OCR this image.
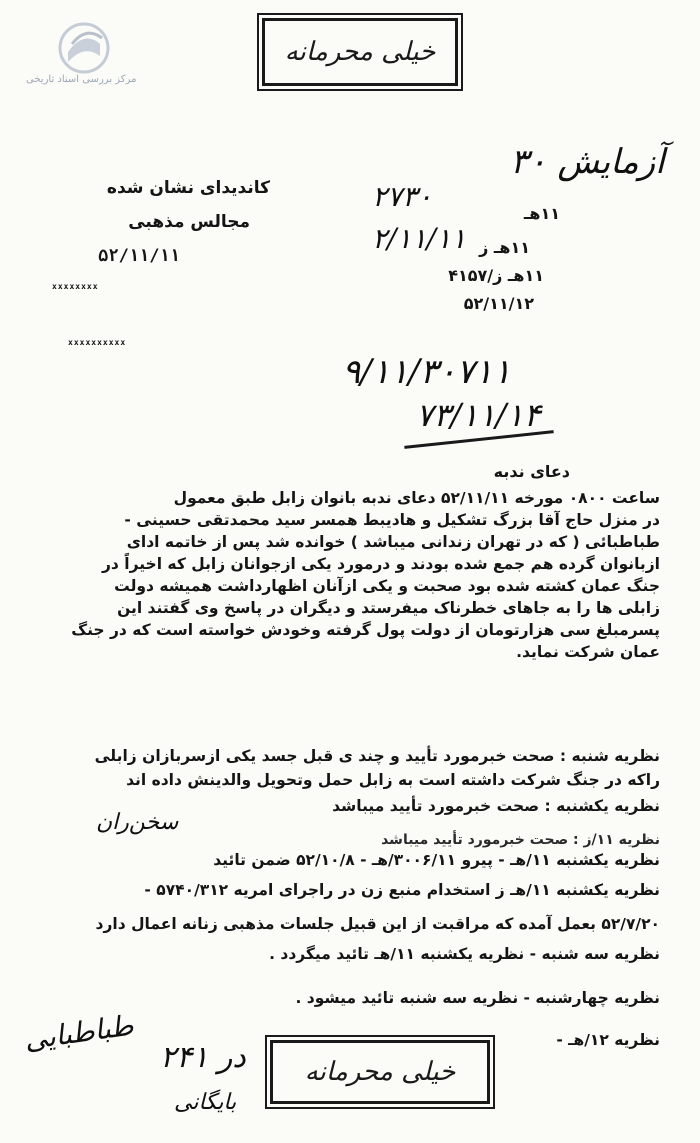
مرکز بررسی اسناد تاریخی
خیلی محرمانه
۳۰ آزمایش
۲۷۳۰
۲/۱۱/۱۱
۹/۱۱/۳۰۷۱۱
۷۳/۱۱/۱۴
کاندیدای نشان شده
مجالس مذهبی
۵۲/۱۱/۱۱
xxxxxxxx
xxxxxxxxxx
۱۱هـ
۱۱هـ ز
۱۱هـ ز/۴۱۵۷
۵۲/۱۱/۱۲
دعای ندبه
ساعت ۰۸۰۰ مورخه ۵۲/۱۱/۱۱ دعای ندبه بانوان زابل طبق معمول
در منزل حاج آقا بزرگ تشکیل و هادیبط همسر سید محمدتقی حسینی -
طباطبائی ( که در تهران زندانی میباشد ) خوانده شد پس از خاتمه ادای
ازبانوان گرده هم جمع شده بودند و درمورد یکی ازجوانان زابل که اخیراً در
جنگ عمان کشته شده بود صحبت و یکی ازآنان اظهارداشت همیشه دولت
زابلی ها را به جاهای خطرناک میفرستد و دیگران در پاسخ وی گفتند این
پسرمبلغ سی هزارتومان از دولت پول گرفته وخودش خواسته است که در جنگ
عمان شرکت نماید.
نظریه شنبه : صحت خبرمورد تأیید و چند ی قبل جسد یکی ازسربازان زابلی
راکه در جنگ شرکت داشته است به زابل حمل وتحویل والدینش داده اند
نظریه یکشنبه : صحت خبرمورد تأیید میباشد
سخن‌ران
نظریه ۱۱/ز : صحت خبرمورد تأیید میباشد
نظریه یکشنبه ۱۱/هـ - پیرو ۳۰۰۶/۱۱/هـ - ۵۲/۱۰/۸ ضمن تائید
نظریه یکشنبه ۱۱/هـ ز استخدام منبع زن در راجرای امریه ۵۷۴۰/۳۱۲ -
۵۲/۷/۲۰ بعمل آمده که مراقبت از این قبیل جلسات مذهبی زنانه اعمال دارد
نظریه سه شنبه - نظریه یکشنبه ۱۱/هـ تائید میگردد .
نظریه چهارشنبه - نظریه سه شنبه تائید میشود .
نظریه ۱۲/هـ -
خیلی محرمانه
۲۴۱ در
بایگانی
طباطبایی
